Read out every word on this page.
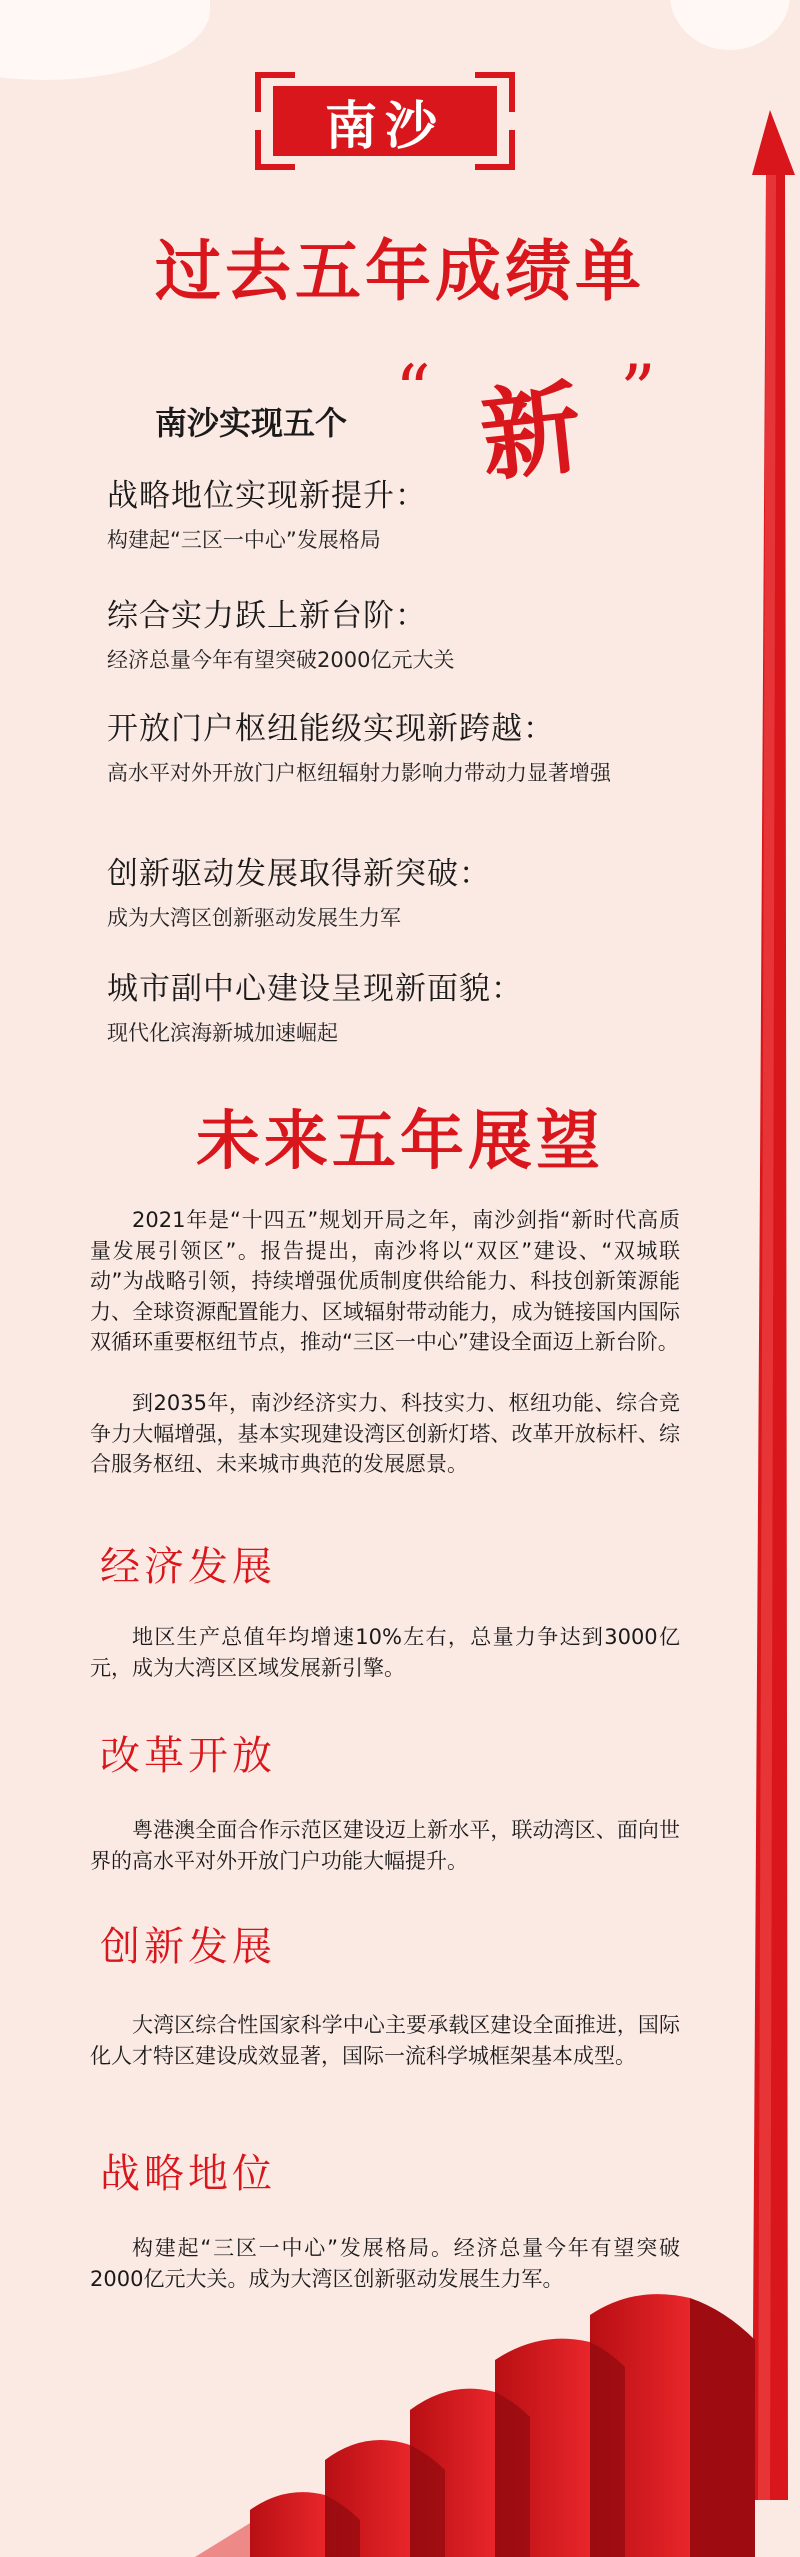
南沙
过去五年成绩单
南沙实现五个 “ 新 ”
战略地位实现新提升：
构建起“三区一中心”发展格局
综合实力跃上新台阶：
经济总量今年有望突破2000亿元大关
开放门户枢纽能级实现新跨越：
高水平对外开放门户枢纽辐射力影响力带动力显著增强
创新驱动发展取得新突破：
成为大湾区创新驱动发展生力军
城市副中心建设呈现新面貌：
现代化滨海新城加速崛起
未来五年展望
2021年是“十四五”规划开局之年，南沙剑指“新时代高质量发展引领区”。报告提出，南沙将以“双区”建设、“双城联动”为战略引领，持续增强优质制度供给能力、科技创新策源能力、全球资源配置能力、区域辐射带动能力，成为链接国内国际双循环重要枢纽节点，推动“三区一中心”建设全面迈上新台阶。
到2035年，南沙经济实力、科技实力、枢纽功能、综合竞争力大幅增强，基本实现建设湾区创新灯塔、改革开放标杆、综合服务枢纽、未来城市典范的发展愿景。
经济发展
地区生产总值年均增速10%左右，总量力争达到3000亿元，成为大湾区区域发展新引擎。
改革开放
粤港澳全面合作示范区建设迈上新水平，联动湾区、面向世界的高水平对外开放门户功能大幅提升。
创新发展
大湾区综合性国家科学中心主要承载区建设全面推进，国际化人才特区建设成效显著，国际一流科学城框架基本成型。
战略地位
构建起“三区一中心”发展格局。经济总量今年有望突破2000亿元大关。成为大湾区创新驱动发展生力军。
